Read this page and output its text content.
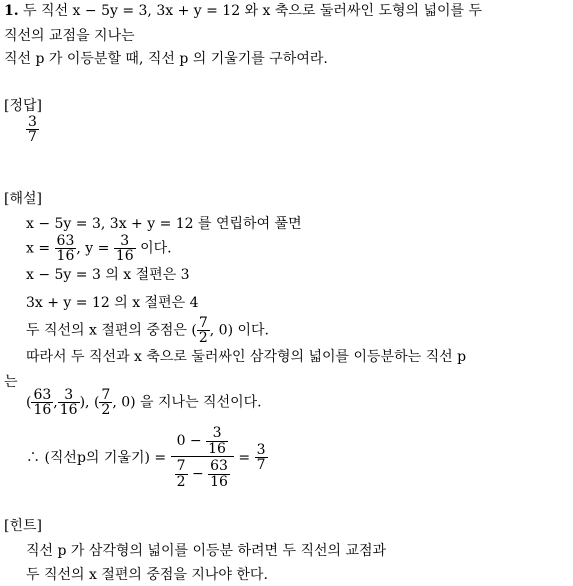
1. 두 직선 x − 5y = 3, 3x + y = 12 와 x 축으로 둘러싸인 도형의 넓이를 두
직선의 교점을 지나는
직선 p 가 이등분할 때, 직선 p 의 기울기를 구하여라.
[정답]
$\frac{3}{7}$
[해설]
x − 5y = 3, 3x + y = 12 를 연립하여 풀면
$x = \frac{63}{16}$ , $y = \frac{3}{16}$ 이다.
x − 5y = 3 의 x 절편은 3
3x + y = 12 의 x 절편은 4
두 직선의 x 절편의 중점은 ( $\frac{7}{2}$ , 0) 이다.
따라서 두 직선과 x 축으로 둘러싸인 삼각형의 넓이를 이등분하는 직선 p
는
( $\frac{63}{16}$ , $\frac{3}{16}$ ), ( $\frac{7}{2}$ , 0) 을 지나는 직선이다.
∴ (직선p의 기울기) = $\frac{0 - \frac{3}{16}}{\frac{7}{2} - \frac{63}{16}} = \frac{3}{7}$
[힌트]
직선 p 가 삼각형의 넓이를 이등분 하려면 두 직선의 교점과
두 직선의 x 절편의 중점을 지나야 한다.
